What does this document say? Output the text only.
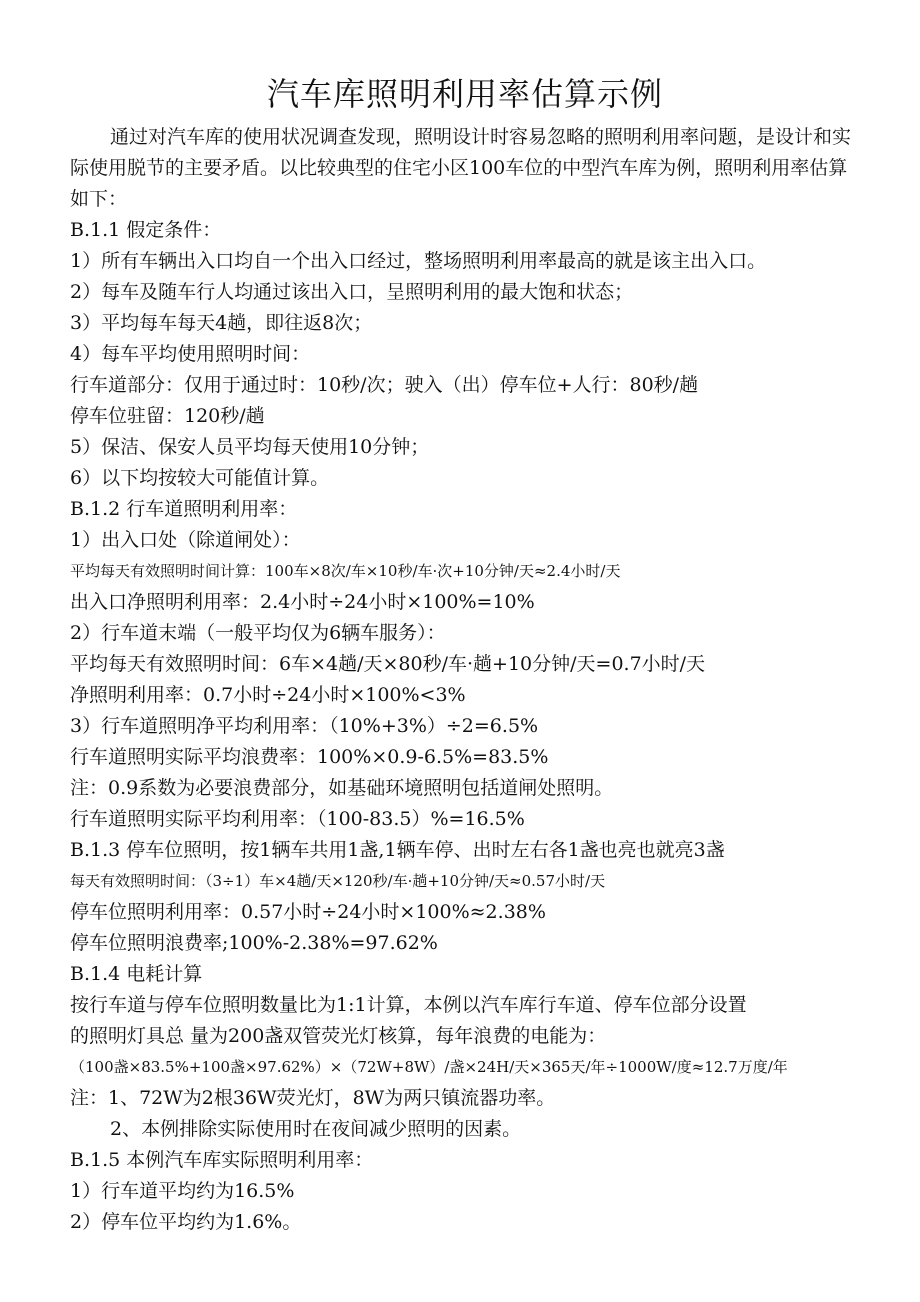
汽车库照明利用率估算示例

通过对汽车库的使用状况调查发现，照明设计时容易忽略的照明利用率问题，是设计和实际使用脱节的主要矛盾。以比较典型的住宅小区100车位的中型汽车库为例，照明利用率估算如下：

B.1.1 假定条件：

1）所有车辆出入口均自一个出入口经过，整场照明利用率最高的就是该主出入口。

2）每车及随车行人均通过该出入口，呈照明利用的最大饱和状态；

3）平均每车每天4趟，即往返8次；

4）每车平均使用照明时间：

行车道部分：仅用于通过时：10秒/次；驶入（出）停车位+人行：80秒/趟

停车位驻留：120秒/趟

5）保洁、保安人员平均每天使用10分钟；

6）以下均按较大可能值计算。

B.1.2 行车道照明利用率：

1）出入口处（除道闸处）：

平均每天有效照明时间计算：100车×8次/车×10秒/车·次+10分钟/天≈2.4小时/天

出入口净照明利用率：2.4小时÷24小时×100%=10%

2）行车道末端（一般平均仅为6辆车服务）：

平均每天有效照明时间：6车×4趟/天×80秒/车·趟+10分钟/天=0.7小时/天

净照明利用率：0.7小时÷24小时×100%<3%

3）行车道照明净平均利用率：（10%+3%）÷2=6.5%

行车道照明实际平均浪费率：100%×0.9-6.5%=83.5%

注：0.9系数为必要浪费部分，如基础环境照明包括道闸处照明。

行车道照明实际平均利用率：（100-83.5）%=16.5%

B.1.3 停车位照明，按1辆车共用1盏,1辆车停、出时左右各1盏也亮也就亮3盏

每天有效照明时间：（3÷1）车×4趟/天×120秒/车·趟+10分钟/天≈0.57小时/天

停车位照明利用率：0.57小时÷24小时×100%≈2.38%

停车位照明浪费率;100%-2.38%=97.62%

B.1.4 电耗计算

按行车道与停车位照明数量比为1:1计算，本例以汽车库行车道、停车位部分设置

的照明灯具总 量为200盏双管荧光灯核算，每年浪费的电能为：

（100盏×83.5%+100盏×97.62%）×（72W+8W）/盏×24H/天×365天/年÷1000W/度≈12.7万度/年

注：1、72W为2根36W荧光灯，8W为两只镇流器功率。

2、本例排除实际使用时在夜间减少照明的因素。

B.1.5 本例汽车库实际照明利用率：

1）行车道平均约为16.5%

2）停车位平均约为1.6%。
